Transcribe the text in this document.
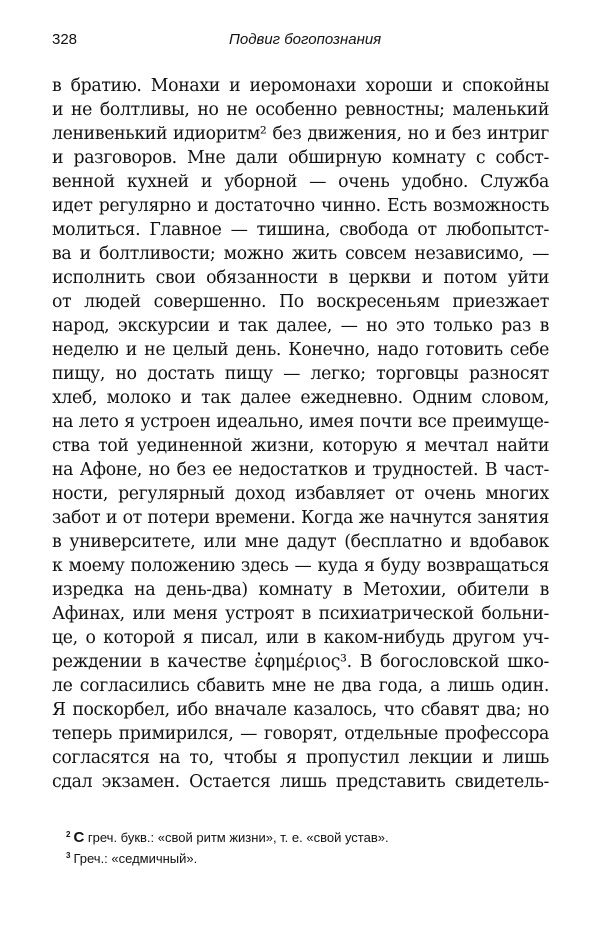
328	Подвиг богопознания
в братию. Монахи и иеромонахи хороши и спокойны
и не болтливы, но не особенно ревностны; маленький
ленивенький идиоритм² без движения, но и без интриг
и разговоров. Мне дали обширную комнату с собст-
венной кухней и уборной — очень удобно. Служба
идет регулярно и достаточно чинно. Есть возможность
молиться. Главное — тишина, свобода от любопытст-
ва и болтливости; можно жить совсем независимо, —
исполнить свои обязанности в церкви и потом уйти
от людей совершенно. По воскресеньям приезжает
народ, экскурсии и так далее, — но это только раз в
неделю и не целый день. Конечно, надо готовить себе
пищу, но достать пищу — легко; торговцы разносят
хлеб, молоко и так далее ежедневно. Одним словом,
на лето я устроен идеально, имея почти все преимуще-
ства той уединенной жизни, которую я мечтал найти
на Афоне, но без ее недостатков и трудностей. В част-
ности, регулярный доход избавляет от очень многих
забот и от потери времени. Когда же начнутся занятия
в университете, или мне дадут (бесплатно и вдобавок
к моему положению здесь — куда я буду возвращаться
изредка на день-два) комнату в Метохии, обители в
Афинах, или меня устроят в психиатрической больни-
це, о которой я писал, или в каком-нибудь другом уч-
реждении в качестве ἐφημέριος³. В богословской шко-
ле согласились сбавить мне не два года, а лишь один.
Я поскорбел, ибо вначале казалось, что сбавят два; но
теперь примирился, — говорят, отдельные профессора
согласятся на то, чтобы я пропустил лекции и лишь
сдал экзамен. Остается лишь представить свидетель-
$^2$ С греч. букв.: «свой ритм жизни», т. е. «свой устав».
$^3$ Греч.: «седмичный».
